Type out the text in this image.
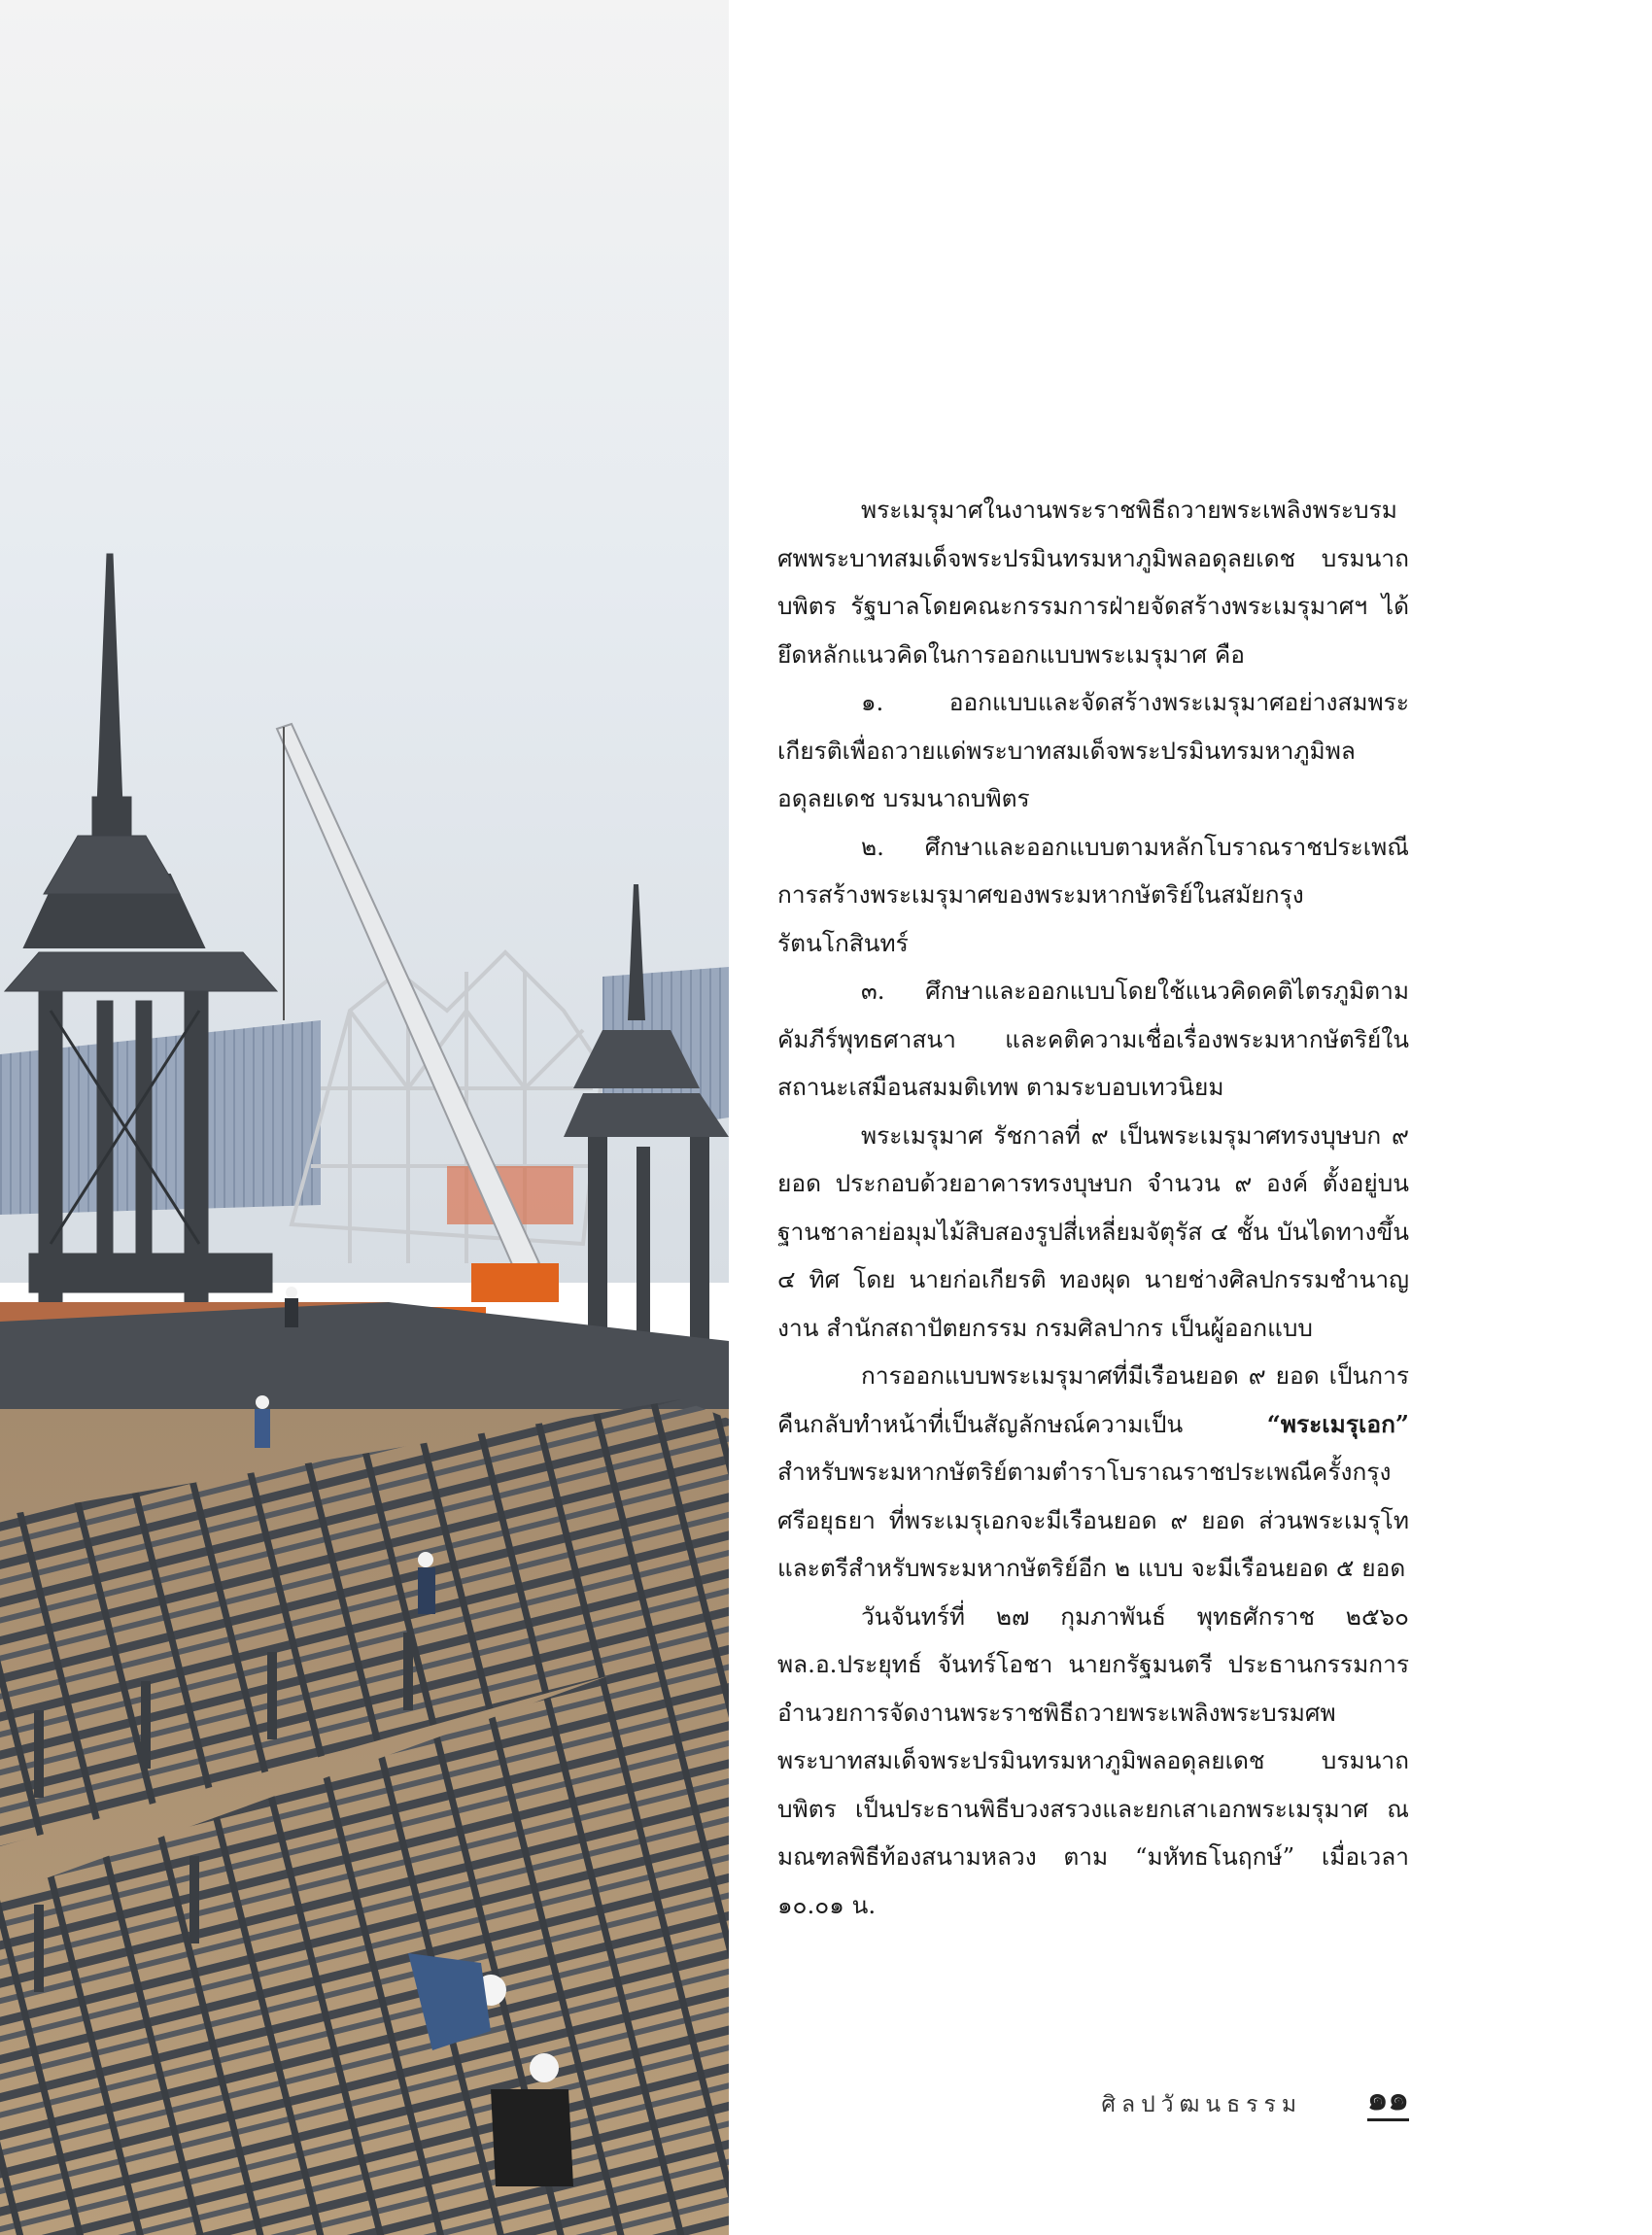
พระเมรุมาศในงานพระราชพิธีถวายพระเพลิงพระบรมศพพระบาทสมเด็จพระปรมินทรมหาภูมิพลอดุลยเดช บรมนาถบพิตร รัฐบาลโดยคณะกรรมการฝ่ายจัดสร้างพระเมรุมาศฯ ได้ยึดหลักแนวคิดในการออกแบบพระเมรุมาศ คือ

๑. ออกแบบและจัดสร้างพระเมรุมาศอย่างสมพระเกียรติเพื่อถวายแด่พระบาทสมเด็จพระปรมินทรมหาภูมิพลอดุลยเดช บรมนาถบพิตร

๒. ศึกษาและออกแบบตามหลักโบราณราชประเพณีการสร้างพระเมรุมาศของพระมหากษัตริย์ในสมัยกรุงรัตนโกสินทร์

๓. ศึกษาและออกแบบโดยใช้แนวคิดคติไตรภูมิตามคัมภีร์พุทธศาสนา และคติความเชื่อเรื่องพระมหากษัตริย์ในสถานะเสมือนสมมติเทพ ตามระบอบเทวนิยม

พระเมรุมาศ รัชกาลที่ ๙ เป็นพระเมรุมาศทรงบุษบก ๙ ยอด ประกอบด้วยอาคารทรงบุษบก จำนวน ๙ องค์ ตั้งอยู่บนฐานชาลาย่อมุมไม้สิบสองรูปสี่เหลี่ยมจัตุรัส ๔ ชั้น บันไดทางขึ้น ๔ ทิศ โดย นายก่อเกียรติ ทองผุด นายช่างศิลปกรรมชำนาญงาน สำนักสถาปัตยกรรม กรมศิลปากร เป็นผู้ออกแบบ

การออกแบบพระเมรุมาศที่มีเรือนยอด ๙ ยอด เป็นการคืนกลับทำหน้าที่เป็นสัญลักษณ์ความเป็น “พระเมรุเอก” สำหรับพระมหากษัตริย์ตามตำราโบราณราชประเพณีครั้งกรุงศรีอยุธยา ที่พระเมรุเอกจะมีเรือนยอด ๙ ยอด ส่วนพระเมรุโทและตรีสำหรับพระมหากษัตริย์อีก ๒ แบบ จะมีเรือนยอด ๕ ยอด

วันจันทร์ที่ ๒๗ กุมภาพันธ์ พุทธศักราช ๒๕๖๐ พล.อ.ประยุทธ์ จันทร์โอชา นายกรัฐมนตรี ประธานกรรมการอำนวยการจัดงานพระราชพิธีถวายพระเพลิงพระบรมศพพระบาทสมเด็จพระปรมินทรมหาภูมิพลอดุลยเดช บรมนาถบพิตร เป็นประธานพิธีบวงสรวงและยกเสาเอกพระเมรุมาศ ณ มณฑลพิธีท้องสนามหลวง ตาม “มหัทธโนฤกษ์” เมื่อเวลา ๑๐.๐๑ น.

ศิลปวัฒนธรรม ๑๑
